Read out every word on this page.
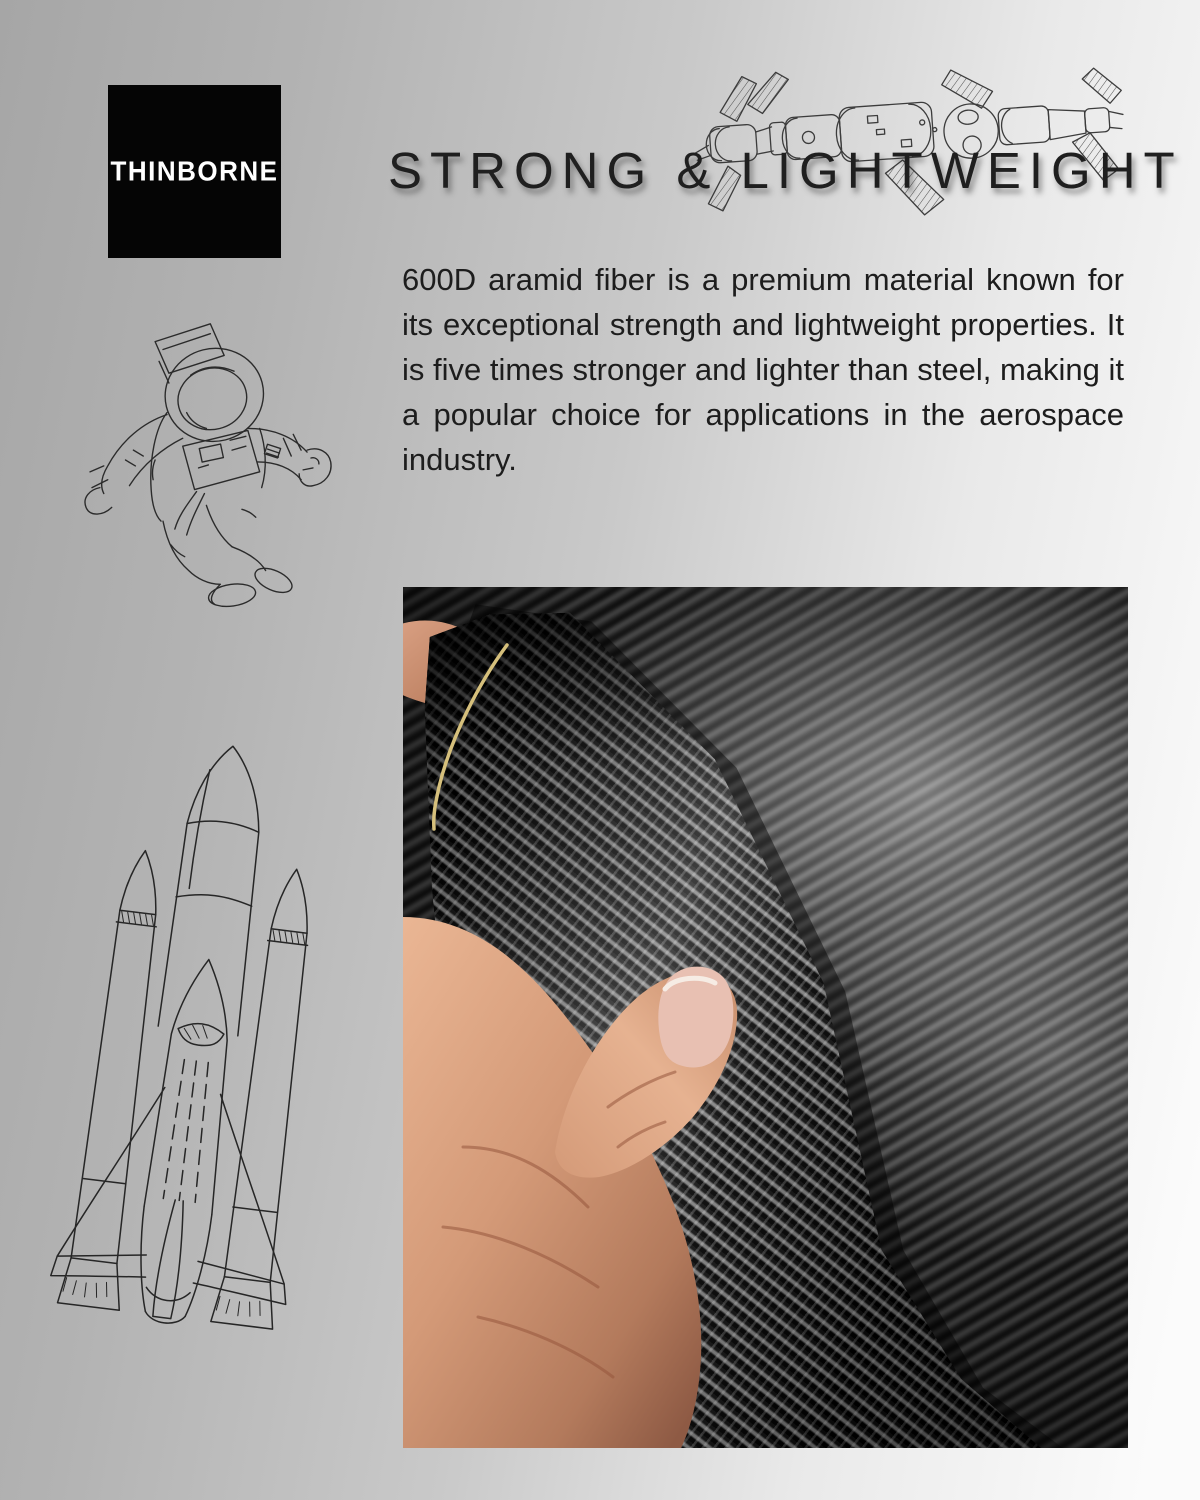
THINBORNE STRONG & LIGHTWEIGHT
600D aramid fiber is a premium material known for its exceptional strength and lightweight properties. It is five times stronger and lighter than steel, making it a popular choice for applications in the aerospace industry.
